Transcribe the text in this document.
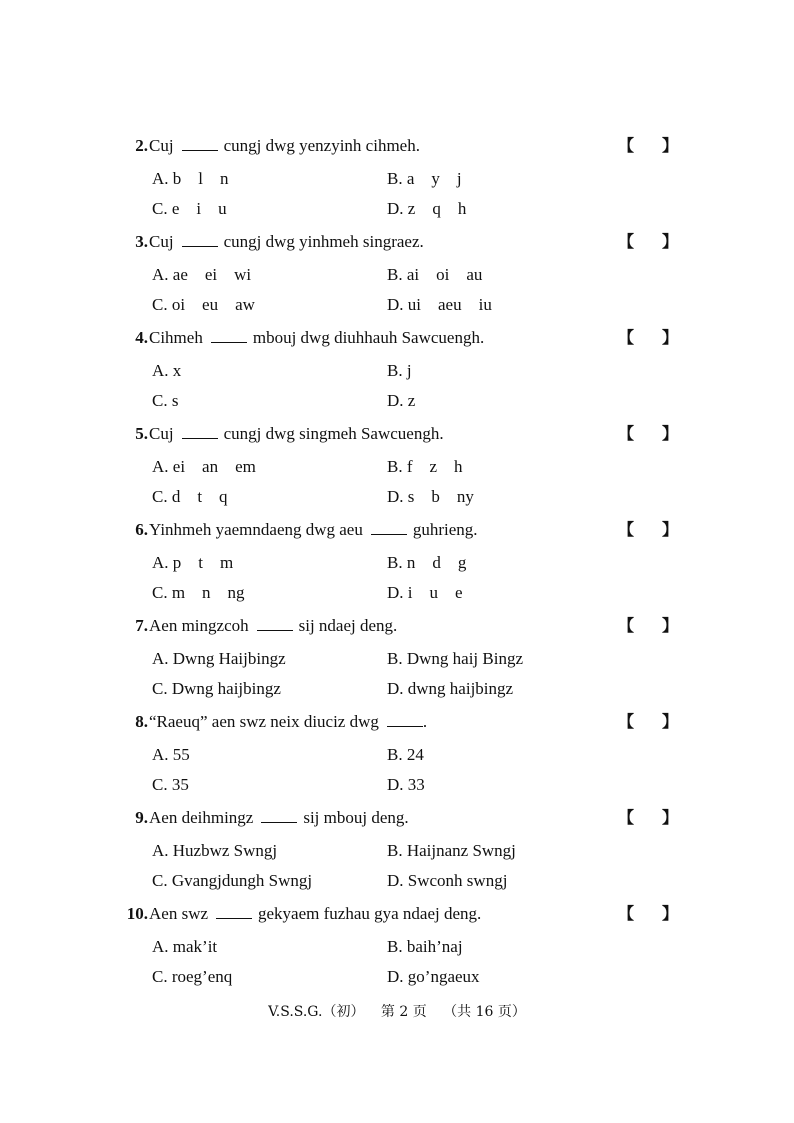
2. Cuj	cungj dwg yenzyinh cihmeh.	【 】
A. b    l    n	B. a    y    j
C. e    i    u	D. z    q    h
3. Cuj	cungj dwg yinhmeh singraez.	【 】
A. ae    ei    wi	B. ai    oi    au
C. oi    eu    aw	D. ui    aeu    iu
4. Cihmeh	mbouj dwg diuhhauh Sawcuengh.	【 】
A. x	B. j
C. s	D. z
5. Cuj	cungj dwg singmeh Sawcuengh.	【 】
A. ei    an    em	B. f    z    h
C. d    t    q	D. s    b    ny
6. Yinhmeh yaemndaeng dwg aeu	guhrieng.	【 】
A. p    t    m	B. n    d    g
C. m    n    ng	D. i    u    e
7. Aen mingzcoh	sij ndaej deng.	【 】
A. Dwng Haijbingz	B. Dwng haij Bingz
C. Dwng haijbingz	D. dwng haijbingz
8. “Raeuq” aen swz neix diuciz dwg	.	【 】
A. 55	B. 24
C. 35	D. 33
9. Aen deihmingz	sij mbouj deng.	【 】
A. Huzbwz Swngj	B. Haijnanz Swngj
C. Gvangjdungh Swngj	D. Swconh swngj
10. Aen swz	gekyaem fuzhau gya ndaej deng.	【 】
A. mak’it	B. baih’naj
C. roeg’enq	D. go’ngaeux
V.S.S.G.（初） 第 2 页 （共 16 页）
